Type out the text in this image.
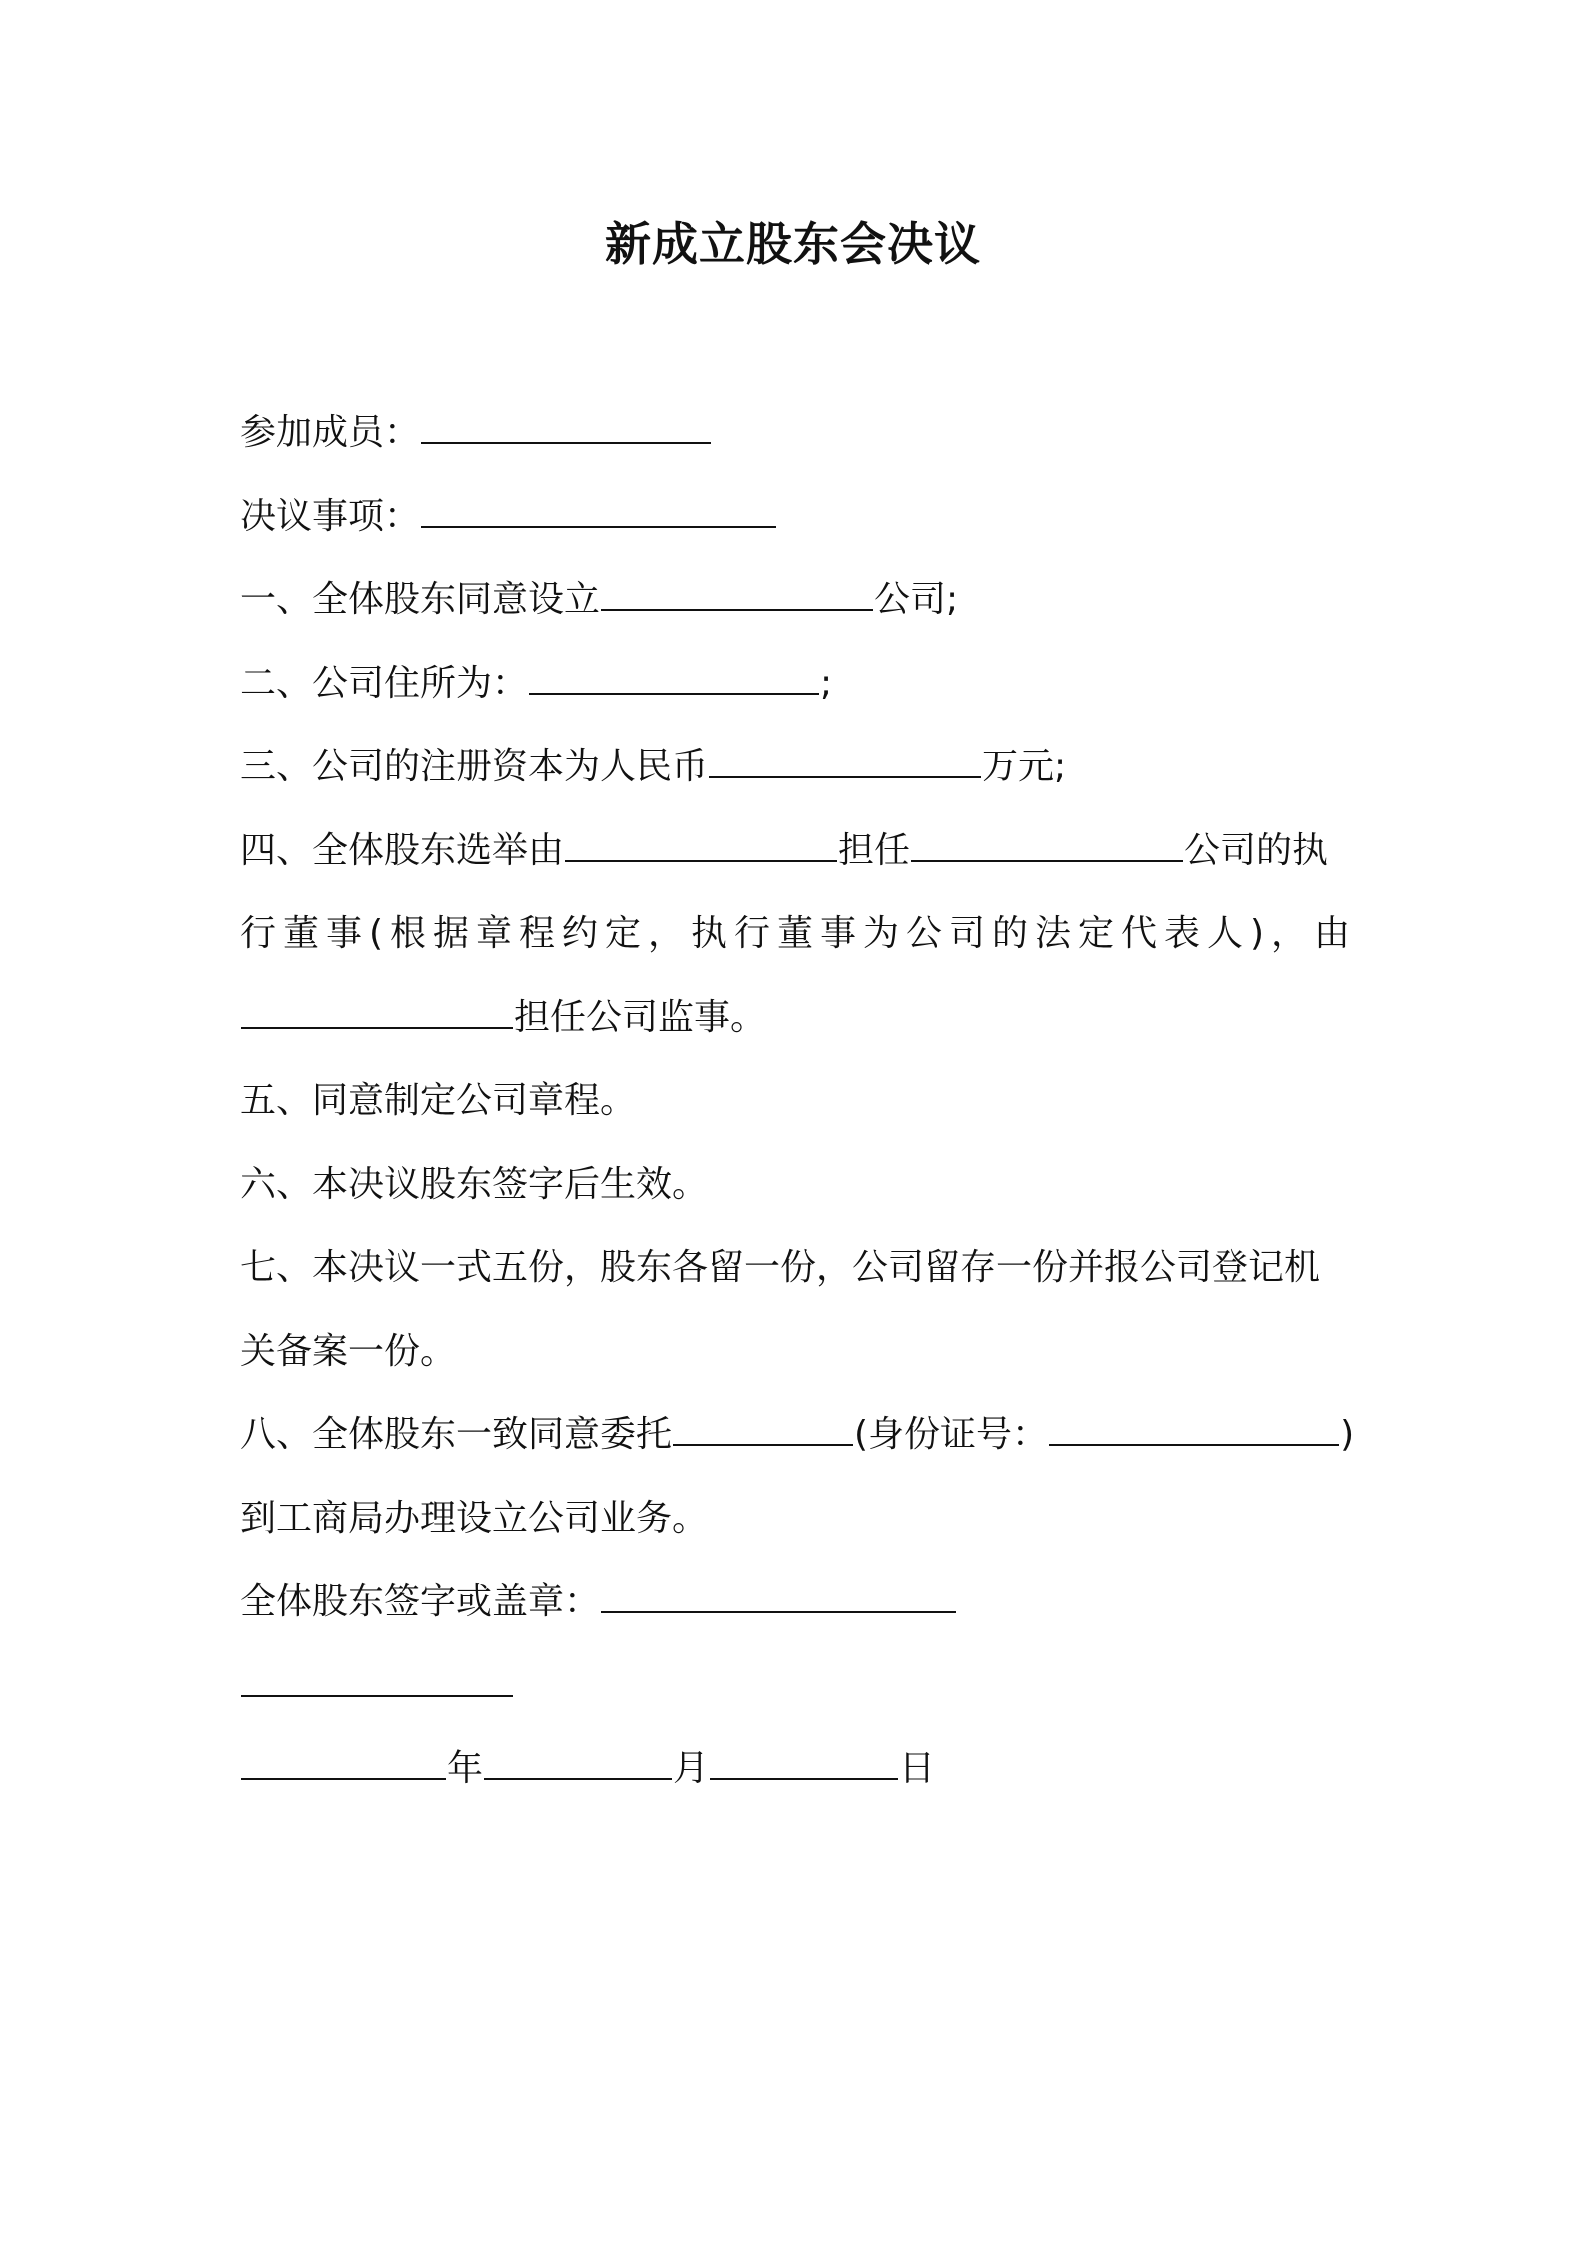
新成立股东会决议
参加成员：
决议事项：
一、全体股东同意设立	公司;
二、公司住所为：	;
三、公司的注册资本为人民币	万元;
四、全体股东选举由	担任	公司的执
行董事(根据章程约定，执行董事为公司的法定代表人)，由
担任公司监事。
五、同意制定公司章程。
六、本决议股东签字后生效。
七、本决议一式五份，股东各留一份，公司留存一份并报公司登记机
关备案一份。
八、全体股东一致同意委托	(身份证号：	)
到工商局办理设立公司业务。
全体股东签字或盖章：
年	月	日
